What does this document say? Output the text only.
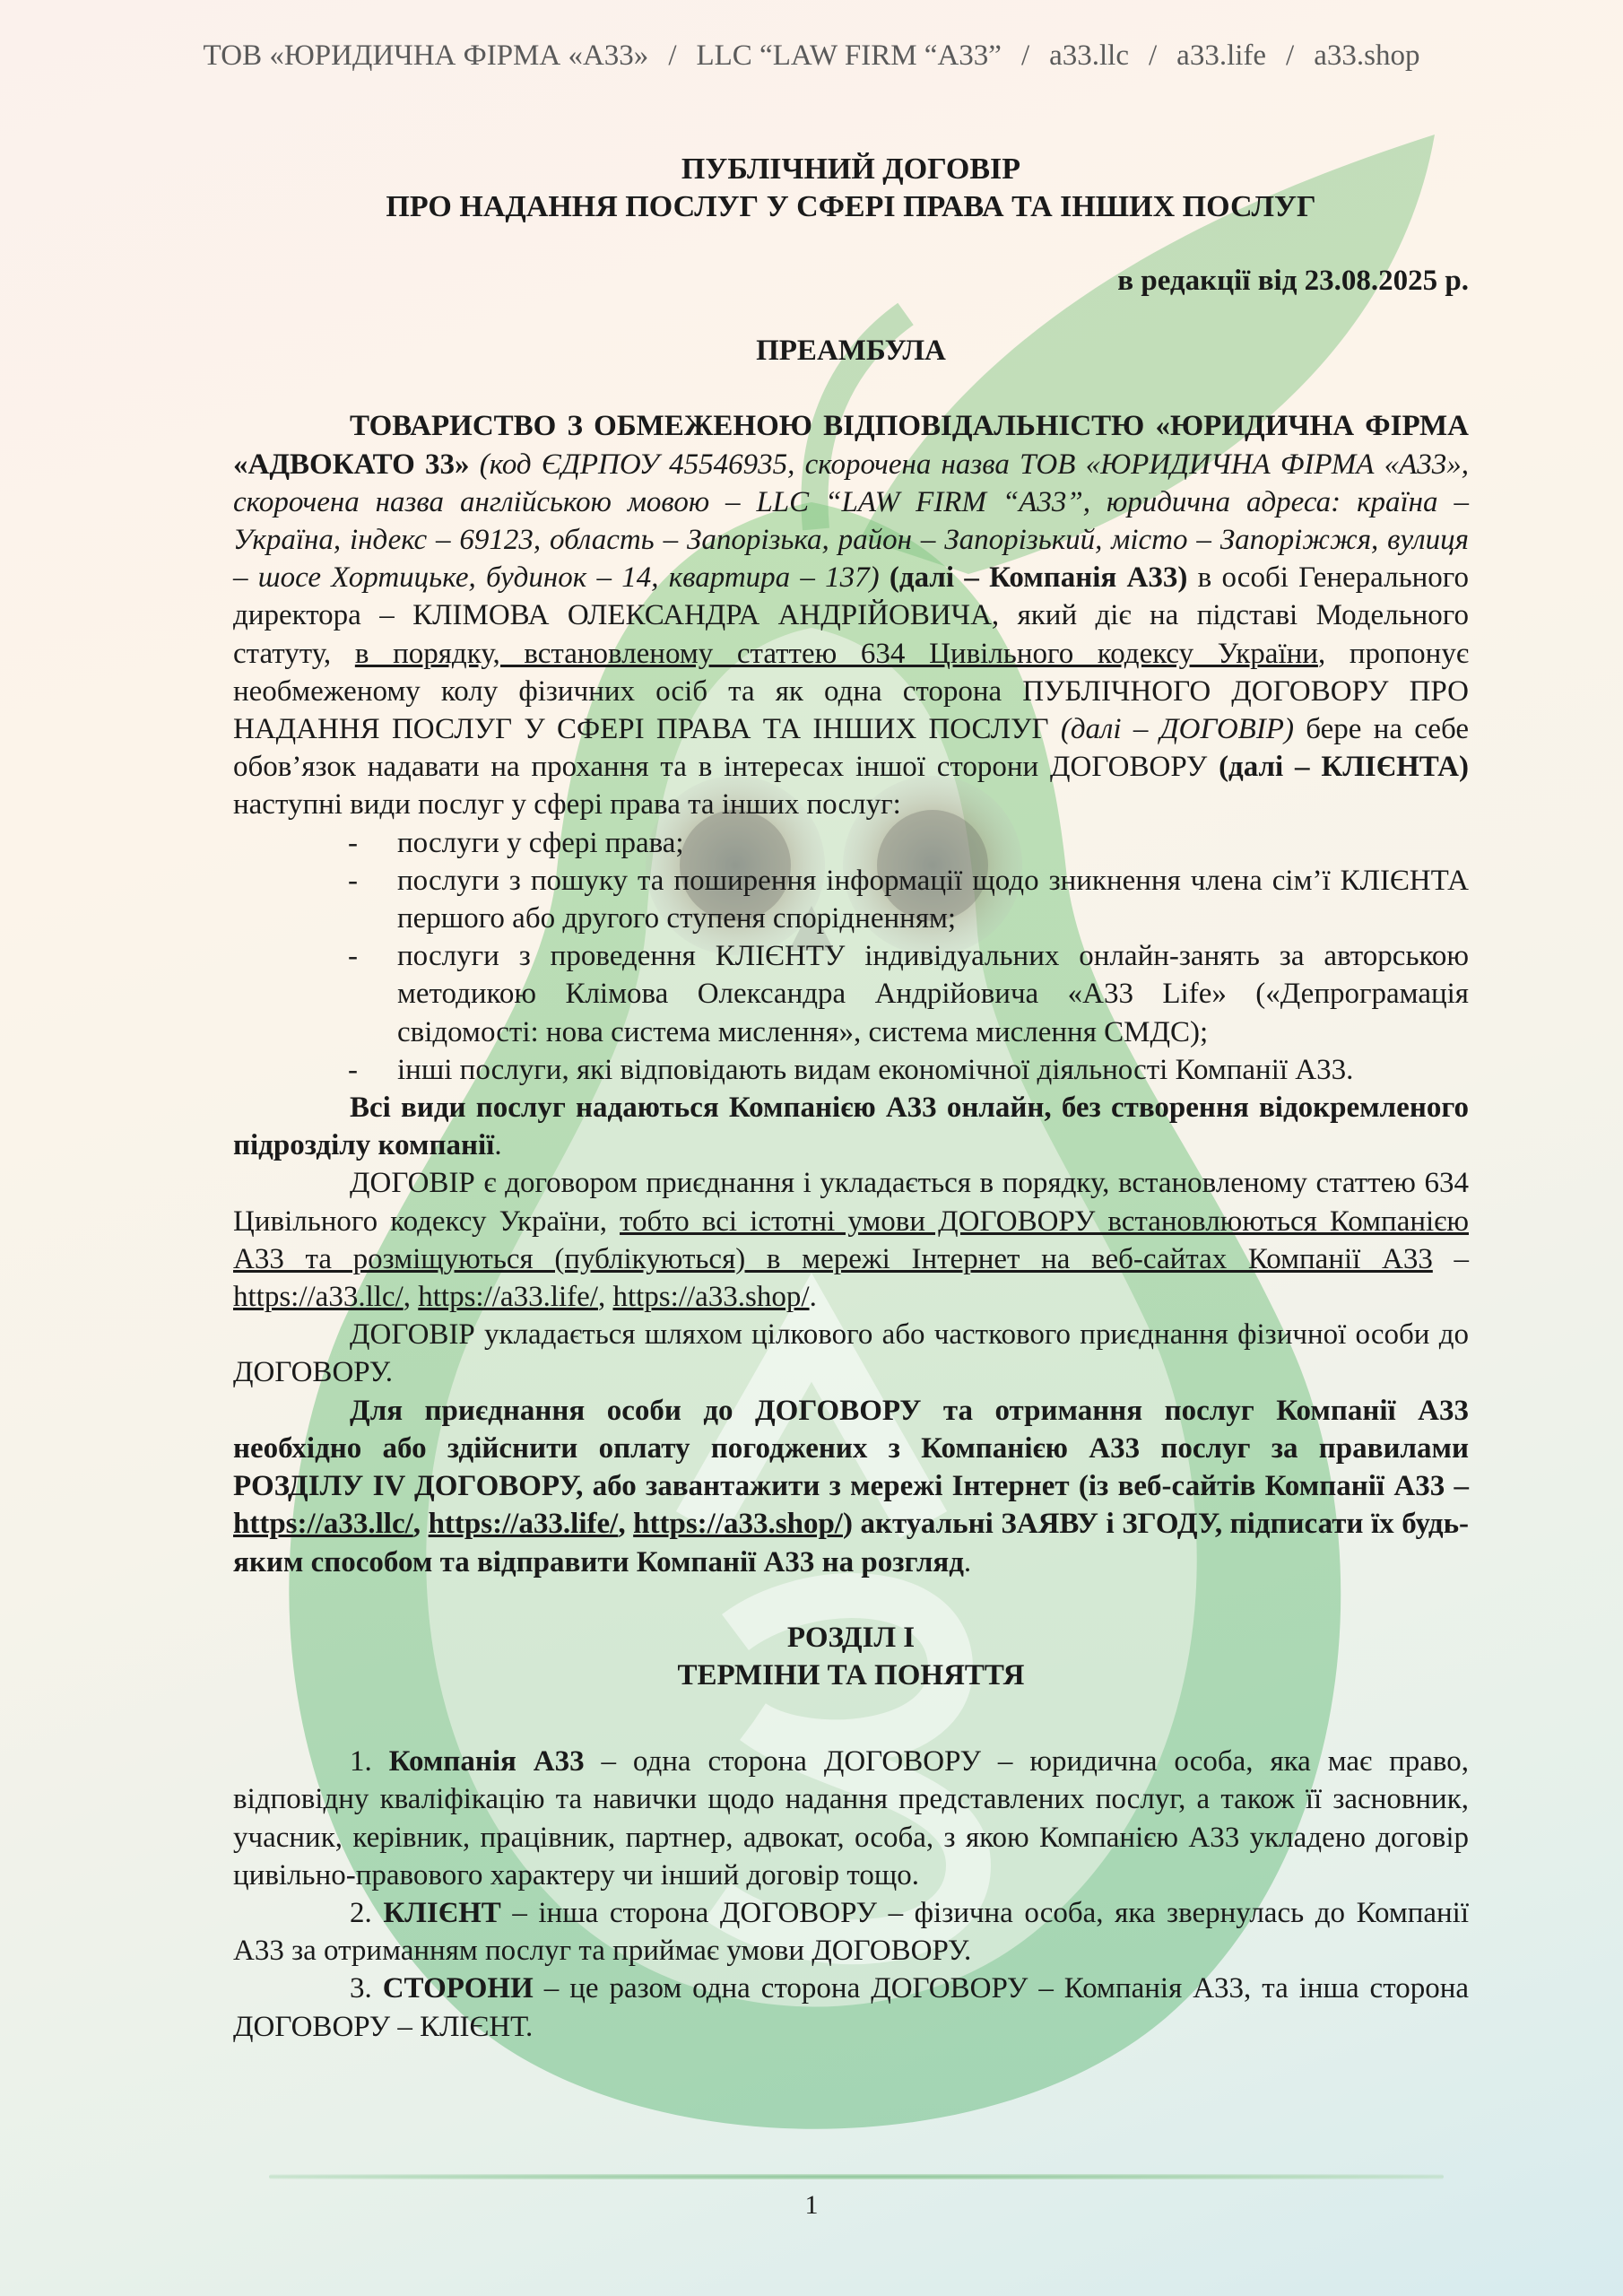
ТОВ «ЮРИДИЧНА ФІРМА «А33» / LLC “LAW FIRM “A33” / a33.llc / a33.life / a33.shop
ПУБЛІЧНИЙ ДОГОВІР
ПРО НАДАННЯ ПОСЛУГ У СФЕРІ ПРАВА ТА ІНШИХ ПОСЛУГ
в редакції від 23.08.2025 р.
ПРЕАМБУЛА

ТОВАРИСТВО З ОБМЕЖЕНОЮ ВІДПОВІДАЛЬНІСТЮ «ЮРИДИЧНА ФІРМА «АДВОКАТО 33» (код ЄДРПОУ 45546935, скорочена назва ТОВ «ЮРИДИЧНА ФІРМА «А33», скорочена назва англійською мовою – LLC “LAW FIRM “A33”, юридична адреса: країна – Україна, індекс – 69123, область – Запорізька, район – Запорізький, місто – Запоріжжя, вулиця – шосе Хортицьке, будинок – 14, квартира – 137) (далі – Компанія А33) в особі Генерального директора – КЛІМОВА ОЛЕКСАНДРА АНДРІЙОВИЧА, який діє на підставі Модельного статуту, в порядку, встановленому статтею 634 Цивільного кодексу України, пропонує необмеженому колу фізичних осіб та як одна сторона ПУБЛІЧНОГО ДОГОВОРУ ПРО НАДАННЯ ПОСЛУГ У СФЕРІ ПРАВА ТА ІНШИХ ПОСЛУГ (далі – ДОГОВІР) бере на себе обов’язок надавати на прохання та в інтересах іншої сторони ДОГОВОРУ (далі – КЛІЄНТА) наступні види послуг у сфері права та інших послуг:

- послуги у сфері права;
- послуги з пошуку та поширення інформації щодо зникнення члена сім’ї КЛІЄНТА першого або другого ступеня спорідненням;
- послуги з проведення КЛІЄНТУ індивідуальних онлайн-занять за авторською методикою Клімова Олександра Андрійовича «А33 Life» («Депрограмація свідомості: нова система мислення», система мислення СМДС);
- інші послуги, які відповідають видам економічної діяльності Компанії А33.

Всі види послуг надаються Компанією А33 онлайн, без створення відокремленого підрозділу компанії.

ДОГОВІР є договором приєднання і укладається в порядку, встановленому статтею 634 Цивільного кодексу України, тобто всі істотні умови ДОГОВОРУ встановлюються Компанією А33 та розміщуються (публікуються) в мережі Інтернет на веб-сайтах Компанії А33 – https://a33.llc/, https://a33.life/, https://a33.shop/.

ДОГОВІР укладається шляхом цілкового або часткового приєднання фізичної особи до ДОГОВОРУ.

Для приєднання особи до ДОГОВОРУ та отримання послуг Компанії А33 необхідно або здійснити оплату погоджених з Компанією А33 послуг за правилами РОЗДІЛУ IV ДОГОВОРУ, або завантажити з мережі Інтернет (із веб-сайтів Компанії А33 – https://a33.llc/, https://a33.life/, https://a33.shop/) актуальні ЗАЯВУ і ЗГОДУ, підписати їх будь-яким способом та відправити Компанії А33 на розгляд.

РОЗДІЛ І
ТЕРМІНИ ТА ПОНЯТТЯ

1. Компанія А33 – одна сторона ДОГОВОРУ – юридична особа, яка має право, відповідну кваліфікацію та навички щодо надання представлених послуг, а також її засновник, учасник, керівник, працівник, партнер, адвокат, особа, з якою Компанією А33 укладено договір цивільно-правового характеру чи інший договір тощо.

2. КЛІЄНТ – інша сторона ДОГОВОРУ – фізична особа, яка звернулась до Компанії А33 за отриманням послуг та приймає умови ДОГОВОРУ.

3. СТОРОНИ – це разом одна сторона ДОГОВОРУ – Компанія А33, та інша сторона ДОГОВОРУ – КЛІЄНТ.

1
